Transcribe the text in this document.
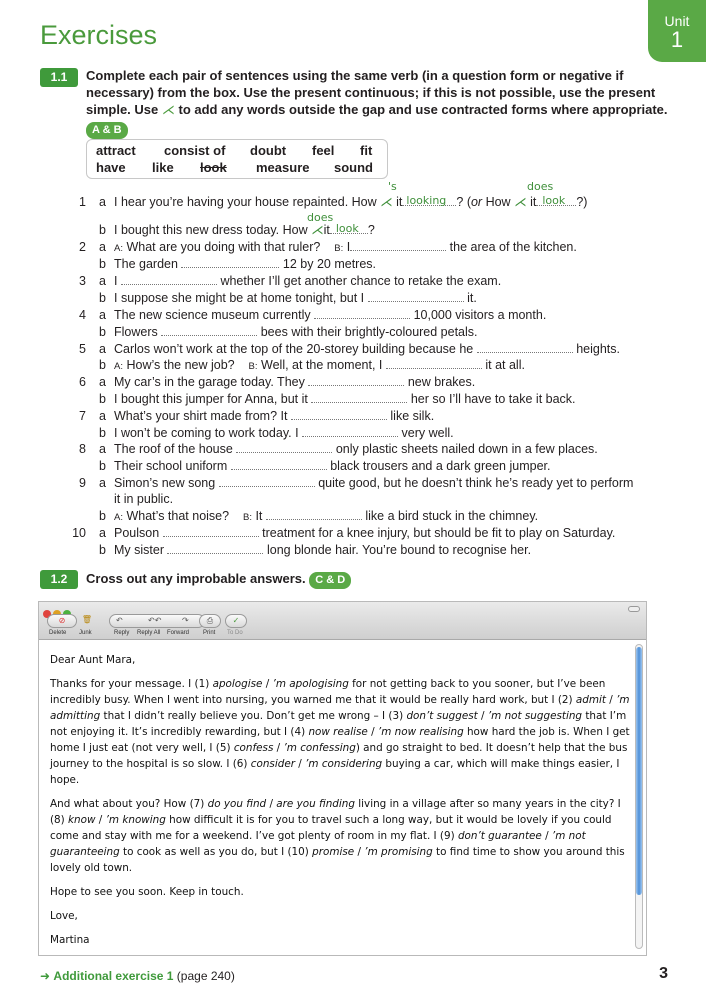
Exercises	Unit
1
1.1	Complete each pair of sentences using the same verb (in a question form or negative if
necessary) from the box. Use the present continuous; if this is not possible, use the present
simple. Use ⋌ to add any words outside the gap and use contracted forms where appropriate.
A & B
attract consist of doubt feel fit
have like look measure sound
's	does
does
1 a I hear you’re having your house repainted. How ⋌ it looking ? (or How ⋌ it look ?)
b I bought this new dress today. How ⋌it look ?
2 a A: What are you doing with that ruler? B: I	the area of the kitchen.
b The garden	12 by 20 metres.
3 a I	whether I’ll get another chance to retake the exam.
b I suppose she might be at home tonight, but I	it.
4 a The new science museum currently	10,000 visitors a month.
b Flowers	bees with their brightly-coloured petals.
5 a Carlos won’t work at the top of the 20-storey building because he	heights.
b A: How’s the new job? B: Well, at the moment, I	it at all.
6 a My car’s in the garage today. They	new brakes.
b I bought this jumper for Anna, but it	her so I’ll have to take it back.
7 a What’s your shirt made from? It	like silk.
b I won’t be coming to work today. I	very well.
8 a The roof of the house	only plastic sheets nailed down in a few places.
b Their school uniform	black trousers and a dark green jumper.
9 a Simon’s new song	quite good, but he doesn’t think he’s ready yet to perform
it in public.
b A: What’s that noise? B: It	like a bird stuck in the chimney.
10 a Poulson	treatment for a knee injury, but should be fit to play on Saturday.
b My sister	long blonde hair. You’re bound to recognise her.
1.2	Cross out any improbable answers. C & D
⊘
Delete
🗑
Junk
↶	↶↶	↷
Reply Reply All Forward
⎙
Print
✓
To Do

Dear Aunt Mara,

Thanks for your message. I (1) apologise / ’m apologising for not getting back to you sooner, but I’ve been incredibly busy. When I went into nursing, you warned me that it would be really hard work, but I (2) admit / ’m admitting that I didn’t really believe you. Don’t get me wrong – I (3) don’t suggest / ’m not suggesting that I’m not enjoying it. It’s incredibly rewarding, but I (4) now realise / ’m now realising how hard the job is. When I get home I just eat (not very well, I (5) confess / ’m confessing) and go straight to bed. It doesn’t help that the bus journey to the hospital is so slow. I (6) consider / ’m considering buying a car, which will make things easier, I hope.

And what about you? How (7) do you find / are you finding living in a village after so many years in the city? I (8) know / ’m knowing how difficult it is for you to travel such a long way, but it would be lovely if you could come and stay with me for a weekend. I’ve got plenty of room in my flat. I (9) don’t guarantee / ’m not guaranteeing to cook as well as you do, but I (10) promise / ’m promising to find time to show you around this lovely old town.

Hope to see you soon. Keep in touch.

Love,

Martina

➜ Additional exercise 1 (page 240)	3
